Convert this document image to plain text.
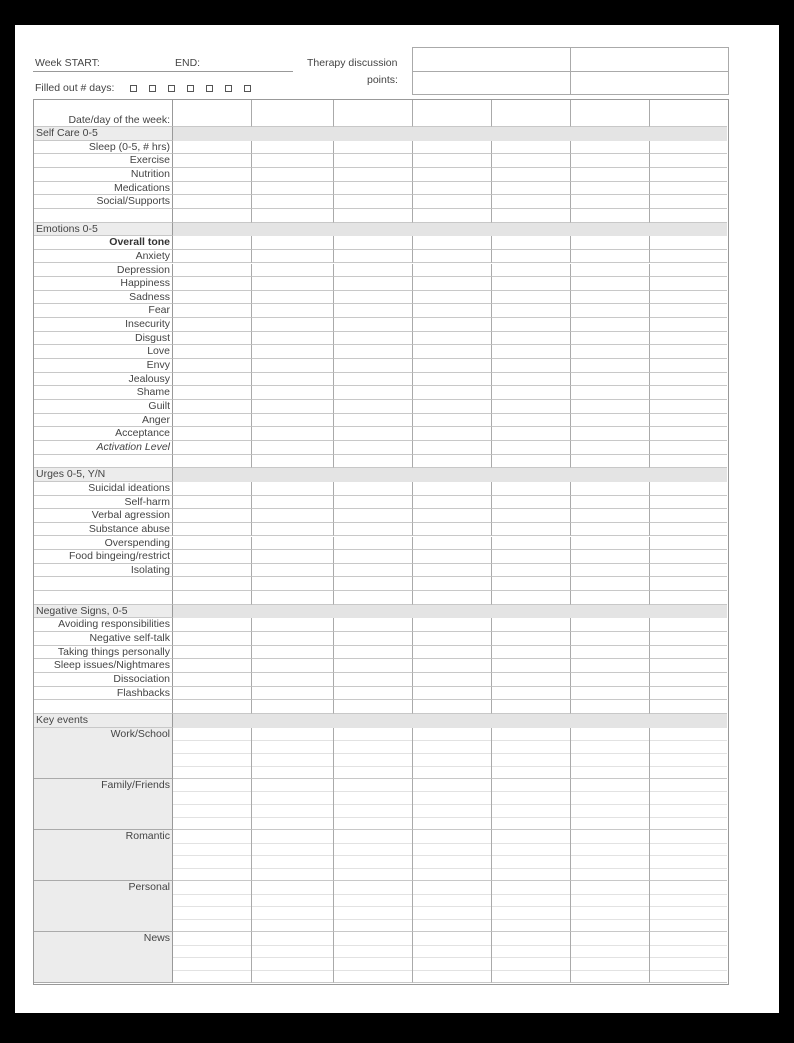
Week START:	END:
Filled out # days:
Therapy discussion
points:
Date/day of the week:
Self Care 0-5
Sleep (0-5, # hrs)
Exercise
Nutrition
Medications
Social/Supports
Emotions 0-5
Overall tone
Anxiety
Depression
Happiness
Sadness
Fear
Insecurity
Disgust
Love
Envy
Jealousy
Shame
Guilt
Anger
Acceptance
Activation Level
Urges 0-5, Y/N
Suicidal ideations
Self-harm
Verbal agression
Substance abuse
Overspending
Food bingeing/restrict
Isolating
Negative Signs, 0-5
Avoiding responsibilities
Negative self-talk
Taking things personally
Sleep issues/Nightmares
Dissociation
Flashbacks
Key events
Work/School
Family/Friends
Romantic
Personal
News
